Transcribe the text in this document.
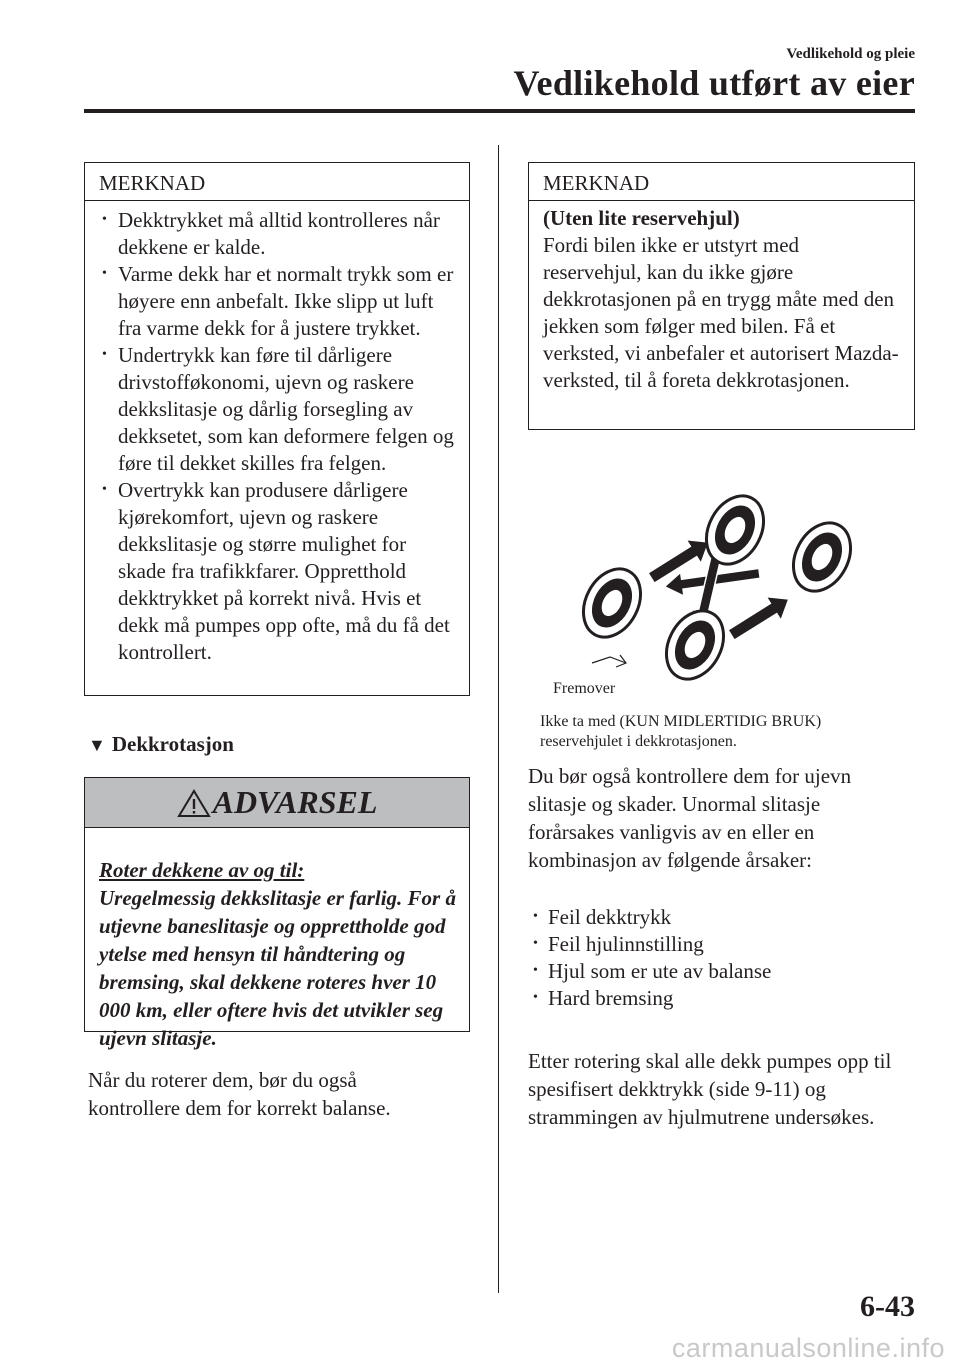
Vedlikehold og pleie
Vedlikehold utført av eier
MERKNAD
• Dekktrykket må alltid kontrolleres når dekkene er kalde.
• Varme dekk har et normalt trykk som er høyere enn anbefalt. Ikke slipp ut luft fra varme dekk for å justere trykket.
• Undertrykk kan føre til dårligere drivstofføkonomi, ujevn og raskere dekkslitasje og dårlig forsegling av dekksetet, som kan deformere felgen og føre til dekket skilles fra felgen.
• Overtrykk kan produsere dårligere kjørekomfort, ujevn og raskere dekkslitasje og større mulighet for skade fra trafikkfarer. Oppretthold dekktrykket på korrekt nivå. Hvis et dekk må pumpes opp ofte, må du få det kontrollert.
▼ Dekkrotasjon
ADVARSEL
Roter dekkene av og til:
Uregelmessig dekkslitasje er farlig. For å utjevne baneslitasje og opprettholde god ytelse med hensyn til håndtering og bremsing, skal dekkene roteres hver 10 000 km, eller oftere hvis det utvikler seg ujevn slitasje.
Når du roterer dem, bør du også kontrollere dem for korrekt balanse.
MERKNAD
(Uten lite reservehjul)
Fordi bilen ikke er utstyrt med reservehjul, kan du ikke gjøre dekkrotasjonen på en trygg måte med den jekken som følger med bilen. Få et verksted, vi anbefaler et autorisert Mazda-verksted, til å foreta dekkrotasjonen.
Fremover
Ikke ta med (KUN MIDLERTIDIG BRUK) reservehjulet i dekkrotasjonen.
Du bør også kontrollere dem for ujevn slitasje og skader. Unormal slitasje forårsakes vanligvis av en eller en kombinasjon av følgende årsaker:
• Feil dekktrykk
• Feil hjulinnstilling
• Hjul som er ute av balanse
• Hard bremsing
Etter rotering skal alle dekk pumpes opp til spesifisert dekktrykk (side 9-11) og strammingen av hjulmutrene undersøkes.
6-43
carmanualsonline.info
